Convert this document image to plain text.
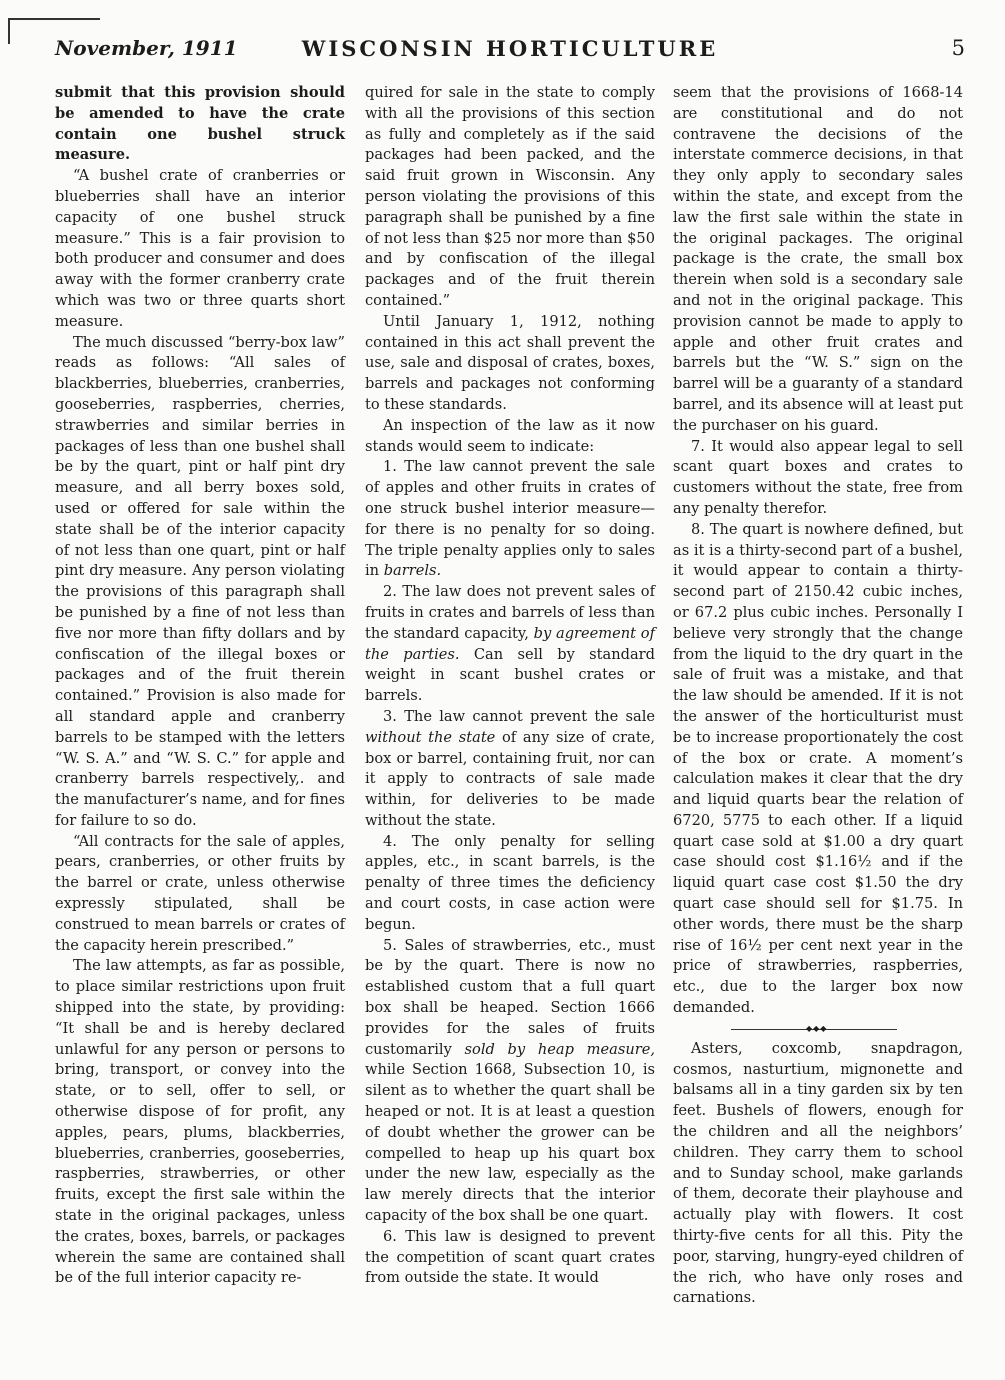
November, 1911	WISCONSIN HORTICULTURE	5

submit that this provision should be amended to have the crate contain one bushel struck measure.

“A bushel crate of cranberries or blueberries shall have an interior capacity of one bushel struck measure.” This is a fair provision to both producer and consumer and does away with the former cranberry crate which was two or three quarts short measure.

The much discussed “berry-box law” reads as follows: “All sales of blackberries, blueberries, cranberries, gooseberries, raspberries, cherries, strawberries and similar berries in packages of less than one bushel shall be by the quart, pint or half pint dry measure, and all berry boxes sold, used or offered for sale within the state shall be of the interior capacity of not less than one quart, pint or half pint dry measure. Any person violating the provisions of this paragraph shall be punished by a fine of not less than five nor more than fifty dollars and by confiscation of the illegal boxes or packages and of the fruit therein contained.” Provision is also made for all standard apple and cranberry barrels to be stamped with the letters “W. S. A.” and “W. S. C.” for apple and cranberry barrels respectively,. and the manufacturer’s name, and for fines for failure to so do.

“All contracts for the sale of apples, pears, cranberries, or other fruits by the barrel or crate, unless otherwise expressly stipulated, shall be construed to mean barrels or crates of the capacity herein prescribed.”

The law attempts, as far as possible, to place similar restrictions upon fruit shipped into the state, by providing: “It shall be and is hereby declared unlawful for any person or persons to bring, transport, or convey into the state, or to sell, offer to sell, or otherwise dispose of for profit, any apples, pears, plums, blackberries, blueberries, cranberries, gooseberries, raspberries, strawberries, or other fruits, except the first sale within the state in the original packages, unless the crates, boxes, barrels, or packages wherein the same are contained shall be of the full interior capacity re-

quired for sale in the state to comply with all the provisions of this section as fully and completely as if the said packages had been packed, and the said fruit grown in Wisconsin. Any person violating the provisions of this paragraph shall be punished by a fine of not less than $25 nor more than $50 and by confiscation of the illegal packages and of the fruit therein contained.”

Until January 1, 1912, nothing contained in this act shall prevent the use, sale and disposal of crates, boxes, barrels and packages not conforming to these standards.

An inspection of the law as it now stands would seem to indicate:

1. The law cannot prevent the sale of apples and other fruits in crates of one struck bushel interior measure—for there is no penalty for so doing. The triple penalty applies only to sales in barrels.

2. The law does not prevent sales of fruits in crates and barrels of less than the standard capacity, by agreement of the parties. Can sell by standard weight in scant bushel crates or barrels.

3. The law cannot prevent the sale without the state of any size of crate, box or barrel, containing fruit, nor can it apply to contracts of sale made within, for deliveries to be made without the state.

4. The only penalty for selling apples, etc., in scant barrels, is the penalty of three times the deficiency and court costs, in case action were begun.

5. Sales of strawberries, etc., must be by the quart. There is now no established custom that a full quart box shall be heaped. Section 1666 provides for the sales of fruits customarily sold by heap measure, while Section 1668, Subsection 10, is silent as to whether the quart shall be heaped or not. It is at least a question of doubt whether the grower can be compelled to heap up his quart box under the new law, especially as the law merely directs that the interior capacity of the box shall be one quart.

6. This law is designed to prevent the competition of scant quart crates from outside the state. It would

seem that the provisions of 1668-14 are constitutional and do not contravene the decisions of the interstate commerce decisions, in that they only apply to secondary sales within the state, and except from the law the first sale within the state in the original packages. The original package is the crate, the small box therein when sold is a secondary sale and not in the original package. This provision cannot be made to apply to apple and other fruit crates and barrels but the “W. S.” sign on the barrel will be a guaranty of a standard barrel, and its absence will at least put the purchaser on his guard.

7. It would also appear legal to sell scant quart boxes and crates to customers without the state, free from any penalty therefor.

8. The quart is nowhere defined, but as it is a thirty-second part of a bushel, it would appear to contain a thirty-second part of 2150.42 cubic inches, or 67.2 plus cubic inches. Personally I believe very strongly that the change from the liquid to the dry quart in the sale of fruit was a mistake, and that the law should be amended. If it is not the answer of the horticulturist must be to increase proportionately the cost of the box or crate. A moment’s calculation makes it clear that the dry and liquid quarts bear the relation of 6720, 5775 to each other. If a liquid quart case sold at $1.00 a dry quart case should cost $1.16½ and if the liquid quart case cost $1.50 the dry quart case should sell for $1.75. In other words, there must be the sharp rise of 16½ per cent next year in the price of strawberries, raspberries, etc., due to the larger box now demanded.

◆◆◆

Asters, coxcomb, snapdragon, cosmos, nasturtium, mignonette and balsams all in a tiny garden six by ten feet. Bushels of flowers, enough for the children and all the neighbors’ children. They carry them to school and to Sunday school, make garlands of them, decorate their playhouse and actually play with flowers. It cost thirty-five cents for all this. Pity the poor, starving, hungry-eyed children of the rich, who have only roses and carnations.
